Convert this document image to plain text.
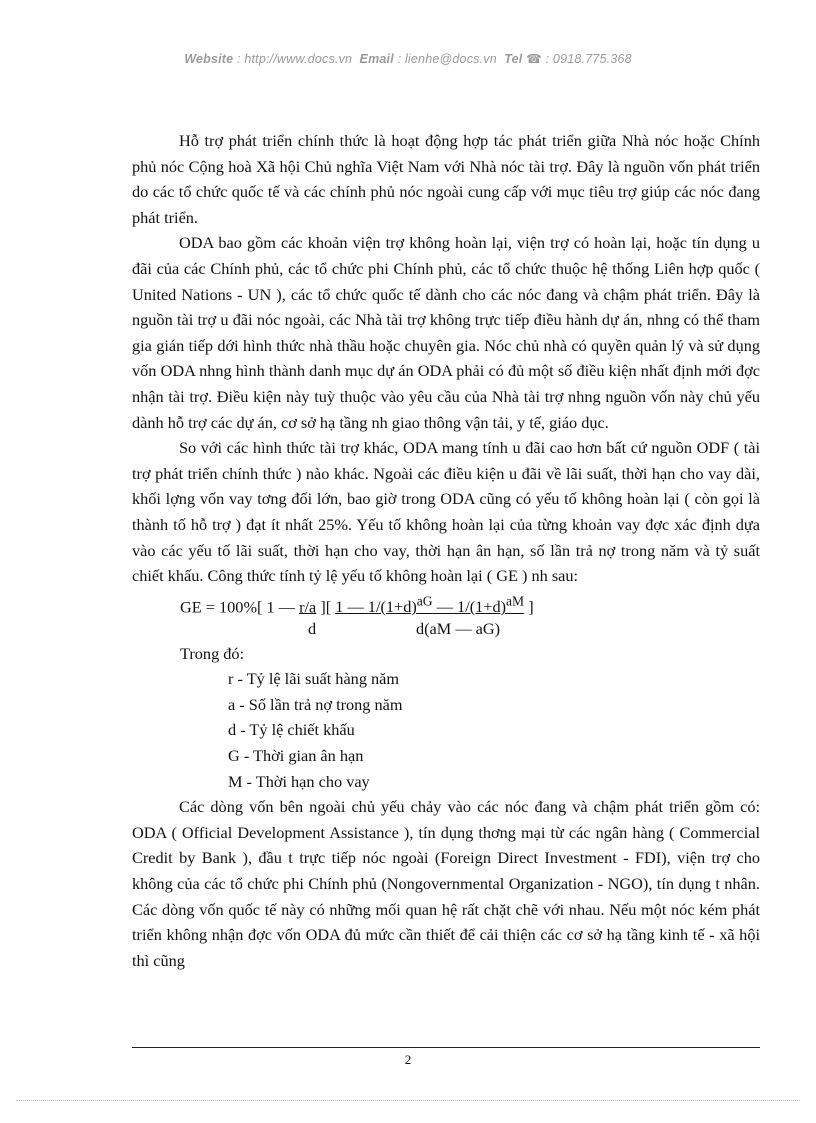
Website : http://www.docs.vn Email : lienhe@docs.vn Tel ☎ : 0918.775.368

Hỗ trợ phát triển chính thức là hoạt động hợp tác phát triển giữa Nhà nóc hoặc Chính phủ nóc Cộng hoà Xã hội Chủ nghĩa Việt Nam với Nhà nóc tài trợ. Đây là nguồn vốn phát triển do các tổ chức quốc tế và các chính phủ nóc ngoài cung cấp với mục tiêu trợ giúp các nóc đang phát triển.

ODA bao gồm các khoản viện trợ không hoàn lại, viện trợ có hoàn lại, hoặc tín dụng u đãi của các Chính phủ, các tổ chức phi Chính phủ, các tổ chức thuộc hệ thống Liên hợp quốc ( United Nations - UN ), các tổ chức quốc tế dành cho các nóc đang và chậm phát triển. Đây là nguồn tài trợ u đãi nóc ngoài, các Nhà tài trợ không trực tiếp điều hành dự án, nhng có thể tham gia gián tiếp dới hình thức nhà thầu hoặc chuyên gia. Nóc chủ nhà có quyền quản lý và sử dụng vốn ODA nhng hình thành danh mục dự án ODA phải có đủ một số điều kiện nhất định mới đợc nhận tài trợ. Điều kiện này tuỳ thuộc vào yêu cầu của Nhà tài trợ nhng nguồn vốn này chủ yếu dành hỗ trợ các dự án, cơ sở hạ tầng nh giao thông vận tải, y tế, giáo dục.

So với các hình thức tài trợ khác, ODA mang tính u đãi cao hơn bất cứ nguồn ODF ( tài trợ phát triển chính thức ) nào khác. Ngoài các điều kiện u đãi về lãi suất, thời hạn cho vay dài, khối lợng vốn vay tơng đối lớn, bao giờ trong ODA cũng có yếu tố không hoàn lại ( còn gọi là thành tố hỗ trợ ) đạt ít nhất 25%. Yếu tố không hoàn lại của từng khoản vay đợc xác định dựa vào các yếu tố lãi suất, thời hạn cho vay, thời hạn ân hạn, số lần trả nợ trong năm và tỷ suất chiết khấu. Công thức tính tỷ lệ yếu tố không hoàn lại ( GE ) nh sau:

GE = 100%[ 1 — r/a ][ 1 — $1/(1+d)^{aG}$ — $1/(1+d)^{aM}$ ]
d	d(aM — aG)
Trong đó:
r - Tỷ lệ lãi suất hàng năm
a - Số lần trả nợ trong năm
d - Tỷ lệ chiết khấu
G - Thời gian ân hạn
M - Thời hạn cho vay

Các dòng vốn bên ngoài chủ yếu chảy vào các nóc đang và chậm phát triển gồm có: ODA ( Official Development Assistance ), tín dụng thơng mại từ các ngân hàng ( Commercial Credit by Bank ), đầu t trực tiếp nóc ngoài (Foreign Direct Investment - FDI), viện trợ cho không của các tổ chức phi Chính phủ (Nongovernmental Organization - NGO), tín dụng t nhân. Các dòng vốn quốc tế này có những mối quan hệ rất chặt chẽ với nhau. Nếu một nóc kém phát triển không nhận đợc vốn ODA đủ mức cần thiết để cải thiện các cơ sở hạ tầng kinh tế - xã hội thì cũng

2
